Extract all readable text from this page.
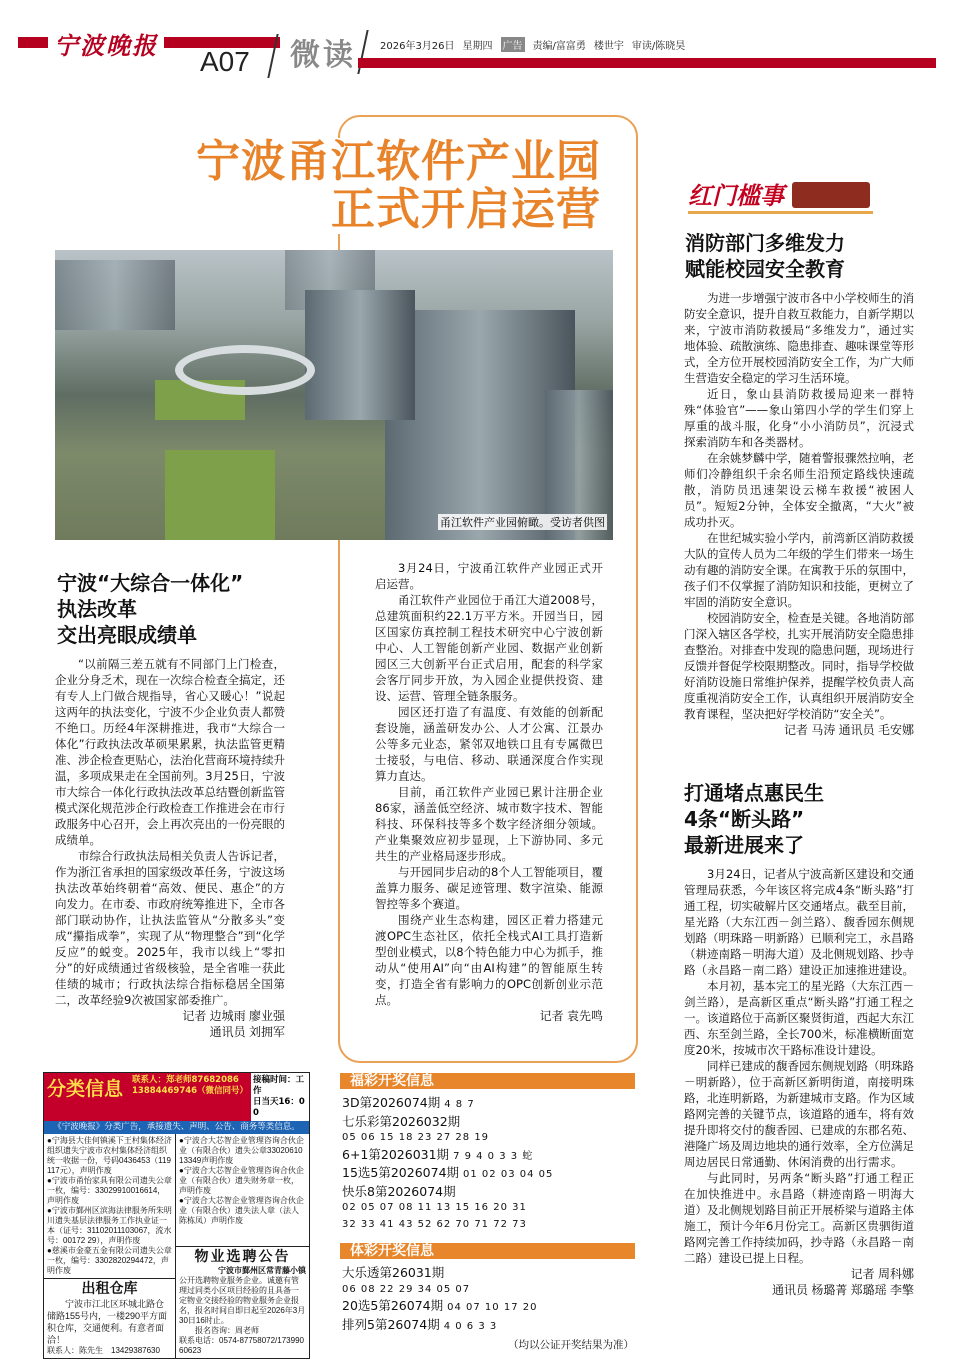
宁波晚报
A07 微读 2026年3月26日 星期四 广告 责编/富富勇 楼世宇 审读/陈晓昊
宁波甬江软件产业园
正式开启运营
甬江软件产业园俯瞰。受访者供图

3月24日，宁波甬江软件产业园正式开启运营。

甬江软件产业园位于甬江大道2008号，总建筑面积约22.1万平方米。开园当日，园区国家仿真控制工程技术研究中心宁波创新中心、人工智能创新产业园、数据产业创新园区三大创新平台正式启用，配套的科学家会客厅同步开放，为入园企业提供投资、建设、运营、管理全链条服务。

园区还打造了有温度、有效能的创新配套设施，涵盖研发办公、人才公寓、江景办公等多元业态，紧邻双地铁口且有专属微巴士接驳，与电信、移动、联通深度合作实现算力直达。

目前，甬江软件产业园已累计注册企业86家，涵盖低空经济、城市数字技术、智能科技、环保科技等多个数字经济细分领域。产业集聚效应初步显现，上下游协同、多元共生的产业格局逐步形成。

与开园同步启动的8个人工智能项目，覆盖算力服务、碳足迹管理、数字渲染、能源智控等多个赛道。

围绕产业生态构建，园区正着力搭建元渡OPC生态社区，依托全栈式AI工具打造新型创业模式，以8个特色能力中心为抓手，推动从“使用AI”向“由AI构建”的智能原生转变，打造全省有影响力的OPC创新创业示范点。

记者 袁先鸣
宁波“大综合一体化”
执法改革
交出亮眼成绩单

“以前隔三差五就有不同部门上门检查，企业分身乏术，现在一次综合检查全搞定，还有专人上门做合规指导，省心又暖心！”说起这两年的执法变化，宁波不少企业负责人都赞不绝口。历经4年深耕推进，我市“大综合一体化”行政执法改革硕果累累，执法监管更精准、涉企检查更贴心，法治化营商环境持续升温，多项成果走在全国前列。3月25日，宁波市大综合一体化行政执法改革总结暨创新监管模式深化规范涉企行政检查工作推进会在市行政服务中心召开，会上再次亮出的一份亮眼的成绩单。

市综合行政执法局相关负责人告诉记者，作为浙江省承担的国家级改革任务，宁波这场执法改革始终朝着“高效、便民、惠企”的方向发力。在市委、市政府统筹推进下，全市各部门联动协作，让执法监管从“分散多头”变成“攥指成拳”，实现了从“物理整合”到“化学反应”的蜕变。2025年，我市以线上“零扣分”的好成绩通过省级核验，是全省唯一获此佳绩的城市；行政执法综合指标稳居全国第二，改革经验9次被国家部委推广。

记者 边城雨 廖业强
通讯员 刘拥军
红门槛事
消防部门多维发力
赋能校园安全教育

为进一步增强宁波市各中小学校师生的消防安全意识，提升自救互救能力，自新学期以来，宁波市消防救援局“多维发力”，通过实地体验、疏散演练、隐患排查、趣味课堂等形式，全方位开展校园消防安全工作，为广大师生营造安全稳定的学习生活环境。

近日，象山县消防救援局迎来一群特殊“体验官”——象山第四小学的学生们穿上厚重的战斗服，化身“小小消防员”，沉浸式探索消防车和各类器材。

在余姚梦麟中学，随着警报骤然拉响，老师们冷静组织千余名师生沿预定路线快速疏散，消防员迅速架设云梯车救援“被困人员”。短短2分钟，全体安全撤离，“大火”被成功扑灭。

在世纪城实验小学内，前湾新区消防救援大队的宣传人员为二年级的学生们带来一场生动有趣的消防安全课。在寓教于乐的氛围中，孩子们不仅掌握了消防知识和技能，更树立了牢固的消防安全意识。

校园消防安全，检查是关键。各地消防部门深入辖区各学校，扎实开展消防安全隐患排查整治。对排查中发现的隐患问题，现场进行反馈并督促学校限期整改。同时，指导学校做好消防设施日常维护保养，提醒学校负责人高度重视消防安全工作，认真组织开展消防安全教育课程，坚决把好学校消防“安全关”。

记者 马涛 通讯员 毛安娜
打通堵点惠民生
4条“断头路”
最新进展来了

3月24日，记者从宁波高新区建设和交通管理局获悉，今年该区将完成4条“断头路”打通工程，切实破解片区交通堵点。截至目前，星光路（大东江西－剑兰路）、馥香园东侧规划路（明珠路－明新路）已顺利完工，永昌路（耕迹南路－明海大道）及北侧规划路、抄寺路（永昌路－南二路）建设正加速推进建设。

本月初，基本完工的星光路（大东江西－剑兰路），是高新区重点“断头路”打通工程之一。该道路位于高新区聚贤街道，西起大东江西、东至剑兰路，全长700米，标准横断面宽度20米，按城市次干路标准设计建设。

同样已建成的馥香园东侧规划路（明珠路－明新路），位于高新区新明街道，南接明珠路，北连明新路，为新建城市支路。作为区域路网完善的关键节点，该道路的通车，将有效提升即将交付的馥香园、已建成的东郡名苑、港隆广场及周边地块的通行效率，全方位满足周边居民日常通勤、休闲消费的出行需求。

与此同时，另两条“断头路”打通工程正在加快推进中。永昌路（耕迹南路－明海大道）及北侧规划路目前正开展桥梁与道路主体施工，预计今年6月份完工。高新区贵驷街道路网完善工作持续加码，抄寺路（永昌路－南二路）建设已提上日程。

记者 周科娜
通讯员 杨璐菁 郑璐瑶 李擎
福彩开奖信息
3D第2026074期 4 8 7
七乐彩第2026032期
05 06 15 18 23 27 28 19
6+1第2026031期 7 9 4 0 3 3 蛇
15选5第2026074期 01 02 03 04 05
快乐8第2026074期
02 05 07 08 11 13 15 16 20 31
32 33 41 43 52 62 70 71 72 73
体彩开奖信息
大乐透第26031期
06 08 22 29 34 05 07
20选5第26074期 04 07 10 17 20
排列5第26074期 4 0 6 3 3
（均以公证开奖结果为准）
分类信息	联系人：郑老师87682086
13884469746（微信同号）
接稿时间：工作
日当天16：00
《宁波晚报》分类广告，承接遗失、声明、公告、商务等类信息。
●宁海县大佳何镇溪下王村集体经济组织遗失宁波市农村集体经济组织统一收据一份，号码0436453（119117元），声明作废
●宁波市甬怡家具有限公司遗失公章一枚，编号：33029910016614，声明作废
●宁波市鄞州区滨海法律服务所朱明川遗失基层法律服务工作执业证一本（证号：31102011103067，流水号：00172 29），声明作废
●慈溪市金豪五金有限公司遗失公章一枚，编号：3302820294472，声明作废
出租仓库
宁波市江北区环城北路仓储路155号内，一楼290平方面积仓库，交通便利。有意者面洽！
联系人：陈先生　13429387630
●宁波合大芯智企业管理咨询合伙企业（有限合伙）遗失公章3302061013349声明作废
●宁波合大芯智企业管理咨询合伙企业（有限合伙）遗失财务章一枚，声明作废
●宁波合大芯智企业管理咨询合伙企业（有限合伙）遗失法人章（法人陈栋凤）声明作废
物业选聘公告
宁波市鄞州区常青藤小镇
公开选聘物业服务企业。诚邀有管理过同类小区项目经验的且具备一定物业交接经验的物业服务企业报名，报名时间自即日起至2026年3月30日16时止。
报名咨询：周老师
联系电话：0574-87758072/17399060623
